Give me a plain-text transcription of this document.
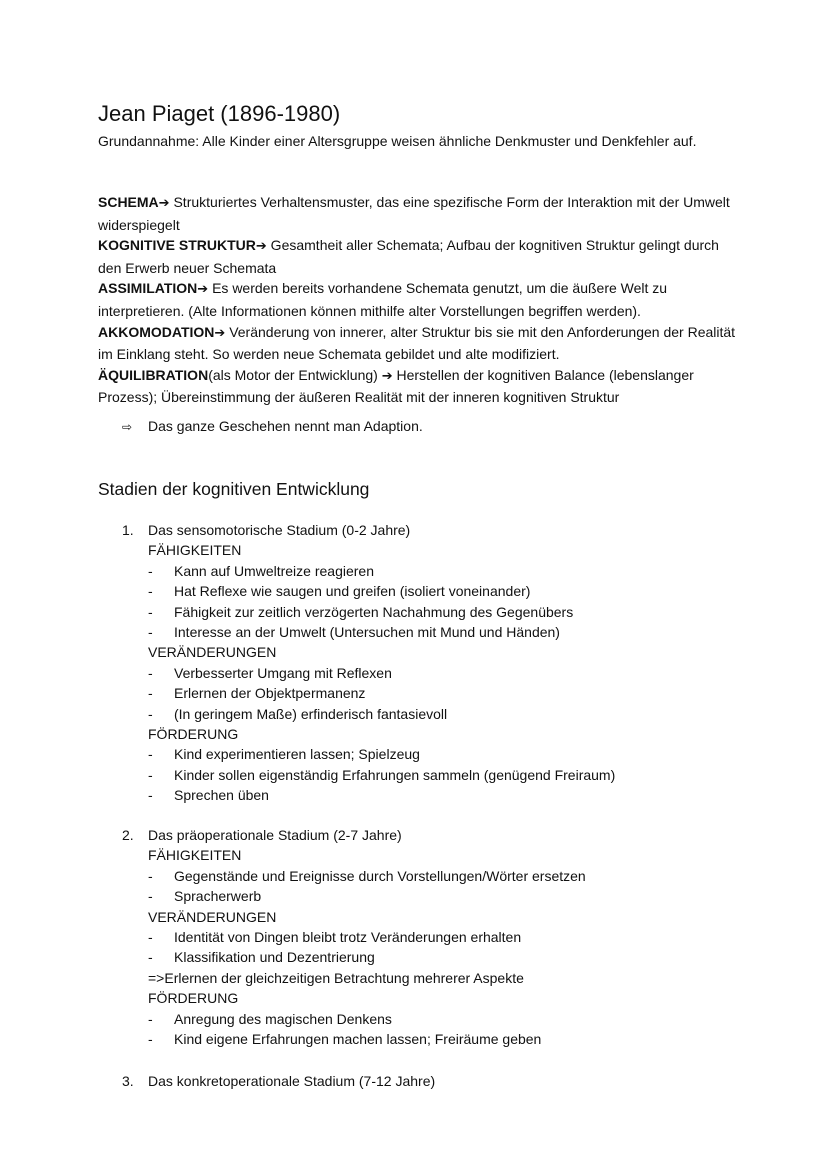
Jean Piaget (1896-1980)
Grundannahme: Alle Kinder einer Altersgruppe weisen ähnliche Denkmuster und Denkfehler auf.

SCHEMA➔ Strukturiertes Verhaltensmuster, das eine spezifische Form der Interaktion mit der Umwelt widerspiegelt

KOGNITIVE STRUKTUR➔ Gesamtheit aller Schemata; Aufbau der kognitiven Struktur gelingt durch den Erwerb neuer Schemata

ASSIMILATION➔ Es werden bereits vorhandene Schemata genutzt, um die äußere Welt zu interpretieren. (Alte Informationen können mithilfe alter Vorstellungen begriffen werden).

AKKOMODATION➔ Veränderung von innerer, alter Struktur bis sie mit den Anforderungen der Realität im Einklang steht. So werden neue Schemata gebildet und alte modifiziert.

ÄQUILIBRATION(als Motor der Entwicklung) ➔ Herstellen der kognitiven Balance (lebenslanger Prozess); Übereinstimmung der äußeren Realität mit der inneren kognitiven Struktur

⇨ Das ganze Geschehen nennt man Adaption.
Stadien der kognitiven Entwicklung
1. Das sensomotorische Stadium (0-2 Jahre)
FÄHIGKEITEN
- Kann auf Umweltreize reagieren
- Hat Reflexe wie saugen und greifen (isoliert voneinander)
- Fähigkeit zur zeitlich verzögerten Nachahmung des Gegenübers
- Interesse an der Umwelt (Untersuchen mit Mund und Händen)
VERÄNDERUNGEN
- Verbesserter Umgang mit Reflexen
- Erlernen der Objektpermanenz
- (In geringem Maße) erfinderisch fantasievoll
FÖRDERUNG
- Kind experimentieren lassen; Spielzeug
- Kinder sollen eigenständig Erfahrungen sammeln (genügend Freiraum)
- Sprechen üben
2. Das präoperationale Stadium (2-7 Jahre)
FÄHIGKEITEN
- Gegenstände und Ereignisse durch Vorstellungen/Wörter ersetzen
- Spracherwerb
VERÄNDERUNGEN
- Identität von Dingen bleibt trotz Veränderungen erhalten
- Klassifikation und Dezentrierung
=>Erlernen der gleichzeitigen Betrachtung mehrerer Aspekte
FÖRDERUNG
- Anregung des magischen Denkens
- Kind eigene Erfahrungen machen lassen; Freiräume geben
3. Das konkretoperationale Stadium (7-12 Jahre)
